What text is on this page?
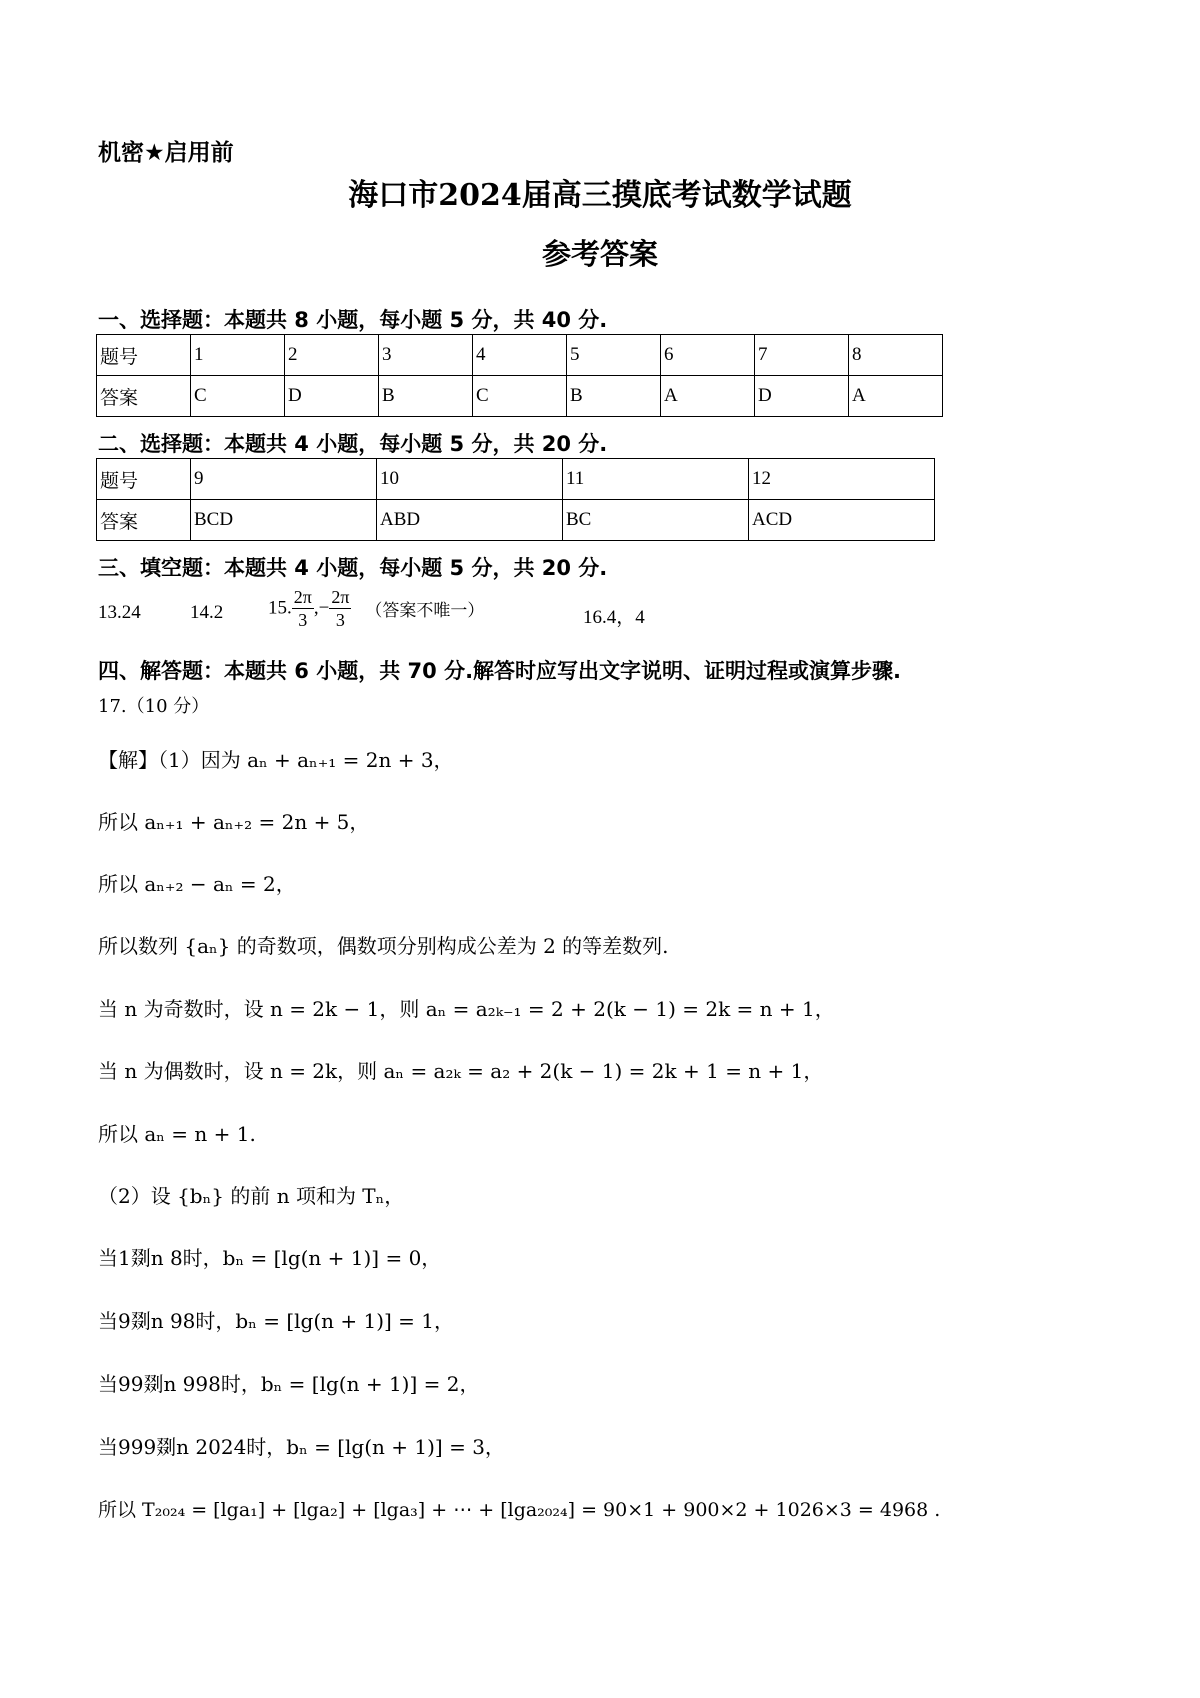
机密★启用前
海口市2024届高三摸底考试数学试题
参考答案
一、选择题：本题共 8 小题，每小题 5 分，共 40 分.
题号	1	2	3	4	5	6	7	8
答案	C	D	B	C	B	A	D	A
二、选择题：本题共 4 小题，每小题 5 分，共 20 分.
题号	9	10	11	12
答案	BCD	ABD	BC	ACD
三、填空题：本题共 4 小题，每小题 5 分，共 20 分.
13.24	14.2 15. $\frac{2\pi}{3}$ ,− $\frac{2\pi}{3}$ （答案不唯一）	16.4，4
四、解答题：本题共 6 小题，共 70 分.解答时应写出文字说明、证明过程或演算步骤.
17.（10 分）
【解】（1）因为 aₙ + aₙ₊₁ = 2n + 3，
所以 aₙ₊₁ + aₙ₊₂ = 2n + 5，
所以 aₙ₊₂ − aₙ = 2，
所以数列 {aₙ} 的奇数项，偶数项分别构成公差为 2 的等差数列.
当 n 为奇数时，设 n = 2k − 1，则 aₙ = a₂ₖ₋₁ = 2 + 2(k − 1) = 2k = n + 1，
当 n 为偶数时，设 n = 2k，则 aₙ = a₂ₖ = a₂ + 2(k − 1) = 2k + 1 = n + 1，
所以 aₙ = n + 1.
（2）设 {bₙ} 的前 n 项和为 Tₙ，
当1剟n 8时，bₙ = [lg(n + 1)] = 0，
当9剟n 98时，bₙ = [lg(n + 1)] = 1，
当99剟n 998时，bₙ = [lg(n + 1)] = 2，
当999剟n 2024时，bₙ = [lg(n + 1)] = 3，
所以 T₂₀₂₄ = [lga₁] + [lga₂] + [lga₃] + ⋯ + [lga₂₀₂₄] = 90×1 + 900×2 + 1026×3 = 4968 .
